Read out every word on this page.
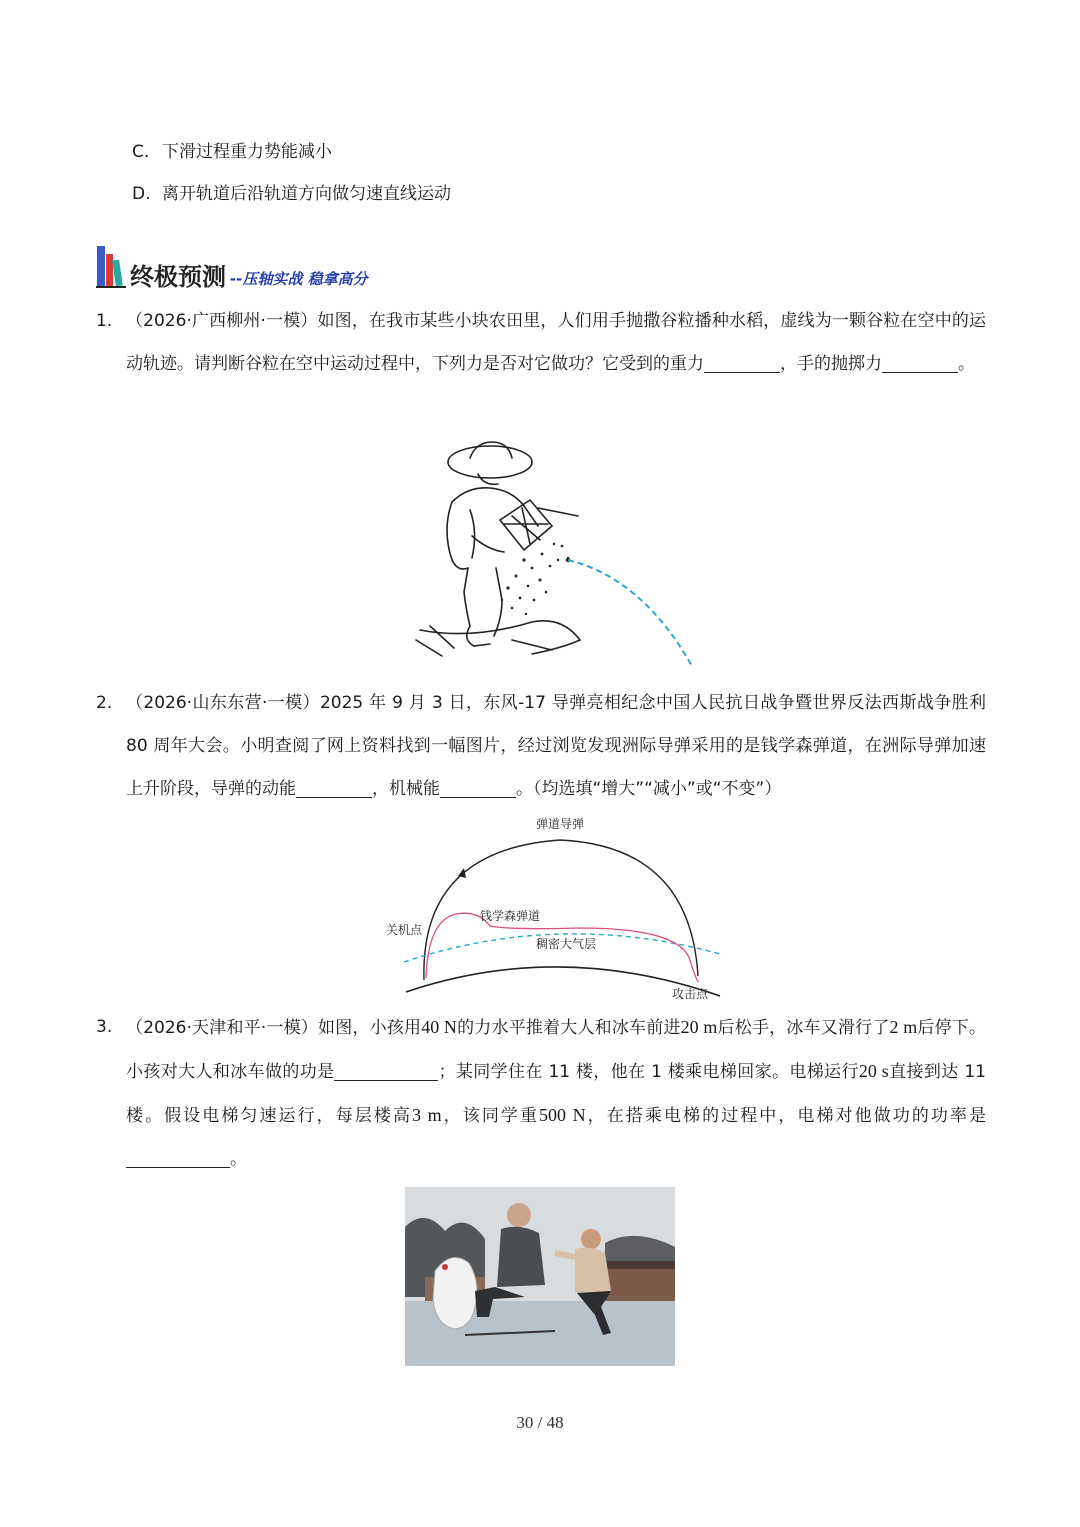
C. 下滑过程重力势能减小
D. 离开轨道后沿轨道方向做匀速直线运动
终极预测 --压轴实战 稳拿高分
1. （2026·广西柳州·一模）如图，在我市某些小块农田里，人们用手抛撒谷粒播种水稻，虚线为一颗谷粒在空中的运动轨迹。请判断谷粒在空中运动过程中，下列力是否对它做功？它受到的重力	，手的抛掷力	。
2. （2026·山东东营·一模）2025 年 9 月 3 日，东风-17 导弹亮相纪念中国人民抗日战争暨世界反法西斯战争胜利 80 周年大会。小明查阅了网上资料找到一幅图片，经过浏览发现洲际导弹采用的是钱学森弹道，在洲际导弹加速上升阶段，导弹的动能	，机械能	。（均选填“增大”“减小”或“不变”）
弹道导弹
钱学森弹道
稠密大气层
关机点
攻击点
3. （2026·天津和平·一模）如图，小孩用40 N的力水平推着大人和冰车前进20 m后松手，冰车又滑行了2 m后停下。小孩对大人和冰车做的功是	；某同学住在 11 楼，他在 1 楼乘电梯回家。电梯运行20 s直接到达 11 楼。假设电梯匀速运行，每层楼高3 m，该同学重500 N，在搭乘电梯的过程中，电梯对他做功的功率是。
30 / 48
